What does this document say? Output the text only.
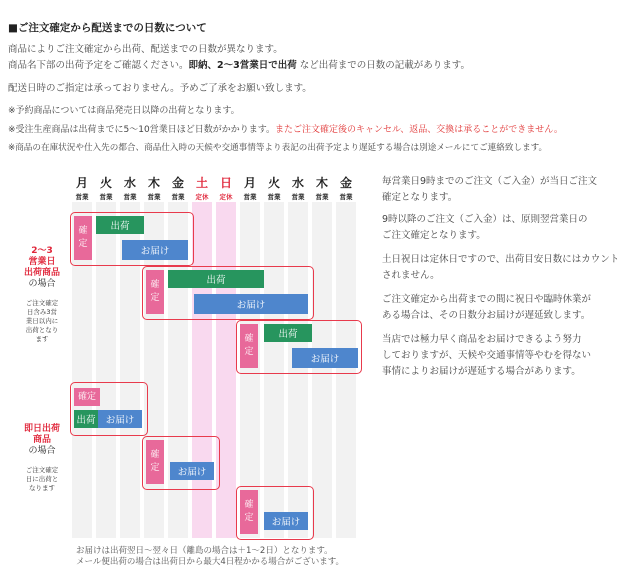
■ご注文確定から配送までの日数について
商品によりご注文確定から出荷、配送までの日数が異なります。
商品名下部の出荷予定をご確認ください。即納、2〜3営業日で出荷 など出荷までの日数の記載があります。
配送日時のご指定は承っておりません。予めご了承をお願い致します。
※予約商品については商品発売日以降の出荷となります。
※受注生産商品は出荷までに5〜10営業日ほど日数がかかります。またご注文確定後のキャンセル、返品、交換は承ることができません。
※商品の在庫状況や仕入先の都合、商品仕入時の天候や交通事情等より表記の出荷予定より遅延する場合は別途メールにてご連絡致します。
月
営業
火
営業
水
営業
木
営業
金
営業
土
定休
日
定休
月
営業
火
営業
水
営業
木
営業
金
営業
確
定
出荷
お届け
確
定
出荷
お届け
確
定
出荷
お届け
確定
出荷	お届け
確
定	お届け
確
定	お届け
2〜3
営業日
出荷商品
の場合
ご注文確定
日含み3営
業日以内に
出荷となり
ます
即日出荷
商品
の場合
ご注文確定
日に出荷と
なります
お届けは出荷翌日〜翌々日（離島の場合は＋1〜2日）となります。
メール便出荷の場合は出荷日から最大4日程かかる場合がございます。
毎営業日9時までのご注文（ご入金）が当日ご注文
確定となります。
9時以降のご注文（ご入金）は、原則翌営業日の
ご注文確定となります。
土日祝日は定休日ですので、出荷目安日数にはカウント
されません。
ご注文確定から出荷までの間に祝日や臨時休業が
ある場合は、その日数分お届けが遅延致します。
当店では極力早く商品をお届けできるよう努力
しておりますが、天候や交通事情等やむを得ない
事情によりお届けが遅延する場合があります。
